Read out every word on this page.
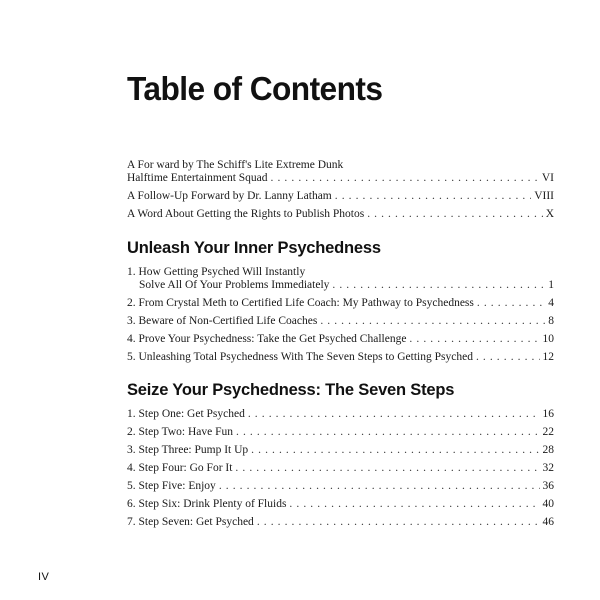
Table of Contents
A For ward by The Schiff's Lite Extreme Dunk
Halftime Entertainment Squad . . .	VI
A Follow-Up Forward by Dr. Lanny Latham . . .	VIII
A Word About Getting the Rights to Publish Photos . . .	X
Unleash Your Inner Psychedness
1. How Getting Psyched Will Instantly
Solve All Of Your Problems Immediately . . .	1
2. From Crystal Meth to Certified Life Coach: My Pathway to Psychedness . . .	4
3. Beware of Non-Certified Life Coaches . . .	8
4. Prove Your Psychedness: Take the Get Psyched Challenge . . .	10
5. Unleashing Total Psychedness With The Seven Steps to Getting Psyched . . .	12
Seize Your Psychedness: The Seven Steps
1. Step One: Get Psyched . . .	16
2. Step Two: Have Fun . . .	22
3. Step Three: Pump It Up . . .	28
4. Step Four: Go For It . . .	32
5. Step Five: Enjoy . . .	36
6. Step Six: Drink Plenty of Fluids . . .	40
7. Step Seven: Get Psyched . . .	46
IV
